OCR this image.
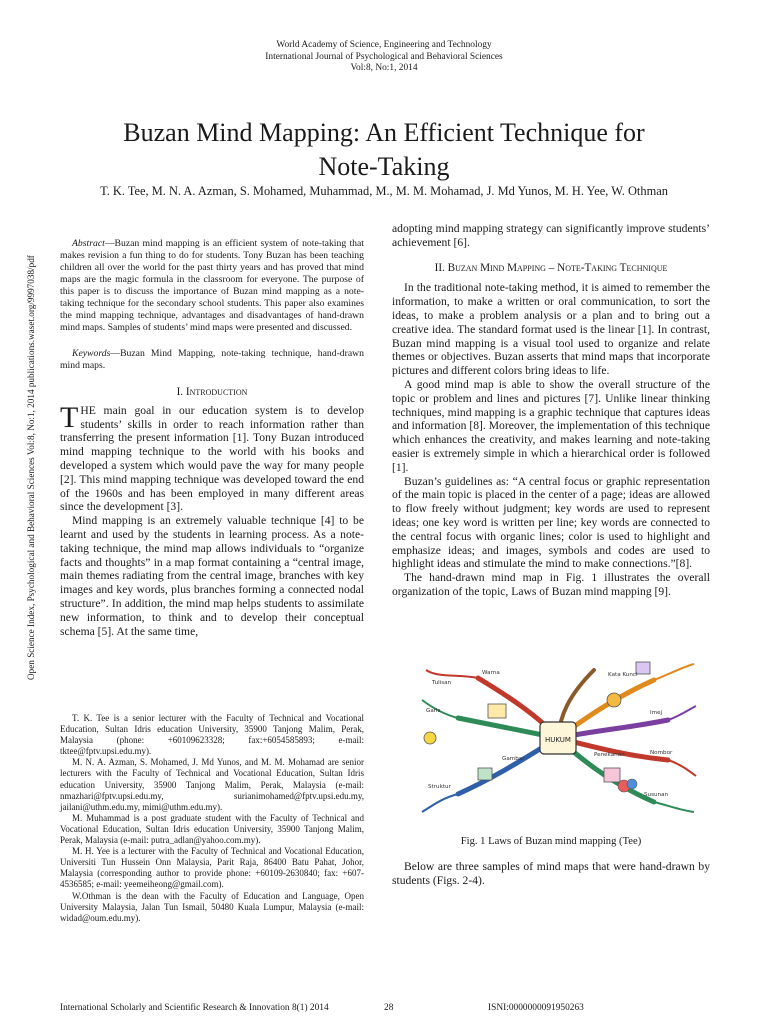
World Academy of Science, Engineering and Technology
International Journal of Psychological and Behavioral Sciences
Vol:8, No:1, 2014
Buzan Mind Mapping: An Efficient Technique for
Note-Taking
T. K. Tee, M. N. A. Azman, S. Mohamed, Muhammad, M., M. M. Mohamad, J. Md Yunos, M. H. Yee, W. Othman
Open Science Index, Psychological and Behavioral Sciences Vol:8, No:1, 2014 publications.waset.org/9997038/pdf
Abstract—Buzan mind mapping is an efficient system of note-taking that makes revision a fun thing to do for students. Tony Buzan has been teaching children all over the world for the past thirty years and has proved that mind maps are the magic formula in the classroom for everyone. The purpose of this paper is to discuss the importance of Buzan mind mapping as a note-taking technique for the secondary school students. This paper also examines the mind mapping technique, advantages and disadvantages of hand-drawn mind maps. Samples of students’ mind maps were presented and discussed.
Keywords—Buzan Mind Mapping, note-taking technique, hand-drawn mind maps.
I. Introduction

THE main goal in our education system is to develop students’ skills in order to reach information rather than transferring the present information [1]. Tony Buzan introduced mind mapping technique to the world with his books and developed a system which would pave the way for many people [2]. This mind mapping technique was developed toward the end of the 1960s and has been employed in many different areas since the development [3].

Mind mapping is an extremely valuable technique [4] to be learnt and used by the students in learning process. As a note-taking technique, the mind map allows individuals to “organize facts and thoughts” in a map format containing a “central image, main themes radiating from the central image, branches with key images and key words, plus branches forming a connected nodal structure”. In addition, the mind map helps students to assimilate new information, to think and to develop their conceptual schema [5]. At the same time,

T. K. Tee is a senior lecturer with the Faculty of Technical and Vocational Education, Sultan Idris education University, 35900 Tanjong Malim, Perak, Malaysia (phone: +60109623328; fax:+6054585893; e-mail: tktee@fptv.upsi.edu.my).

M. N. A. Azman, S. Mohamed, J. Md Yunos, and M. M. Mohamad are senior lecturers with the Faculty of Technical and Vocational Education, Sultan Idris education University, 35900 Tanjong Malim, Perak, Malaysia (e-mail: nmazhari@fptv.upsi.edu.my, surianimohamed@fptv.upsi.edu.my, jailani@uthm.edu.my, mimi@uthm.edu.my).

M. Muhammad is a post graduate student with the Faculty of Technical and Vocational Education, Sultan Idris education University, 35900 Tanjong Malim, Perak, Malaysia (e-mail: putra_adlan@yahoo.com.my).

M. H. Yee is a lecturer with the Faculty of Technical and Vocational Education, Universiti Tun Hussein Onn Malaysia, Parit Raja, 86400 Batu Pahat, Johor, Malaysia (corresponding author to provide phone: +60109-2630840; fax: +607-4536585; e-mail: yeemeiheong@gmail.com).

W.Othman is the dean with the Faculty of Education and Language, Open University Malaysia, Jalan Tun Ismail, 50480 Kuala Lumpur, Malaysia (e-mail: widad@oum.edu.my).

adopting mind mapping strategy can significantly improve students’ achievement [6].

II. Buzan Mind Mapping – Note-Taking Technique

In the traditional note-taking method, it is aimed to remember the information, to make a written or oral communication, to sort the ideas, to make a problem analysis or a plan and to bring out a creative idea. The standard format used is the linear [1]. In contrast, Buzan mind mapping is a visual tool used to organize and relate themes or objectives. Buzan asserts that mind maps that incorporate pictures and different colors bring ideas to life.

A good mind map is able to show the overall structure of the topic or problem and lines and pictures [7]. Unlike linear thinking techniques, mind mapping is a graphic technique that captures ideas and information [8]. Moreover, the implementation of this technique which enhances the creativity, and makes learning and note-taking easier is extremely simple in which a hierarchical order is followed [1].

Buzan’s guidelines as: “A central focus or graphic representation of the main topic is placed in the center of a page; ideas are allowed to flow freely without judgment; key words are used to represent ideas; one key word is written per line; key words are connected to the central focus with organic lines; color is used to highlight and emphasize ideas; and images, symbols and codes are used to highlight ideas and stimulate the mind to make connections.”[8].

The hand-drawn mind map in Fig. 1 illustrates the overall organization of the topic, Laws of Buzan mind mapping [9].

HUKUM
Tulisan
Warna
Garis
Kata Kunci
Imej
Nombor
Penekanan
Struktur
Susunan
Gambar
Fig. 1 Laws of Buzan mind mapping (Tee)

Below are three samples of mind maps that were hand-drawn by students (Figs. 2-4).

International Scholarly and Scientific Research & Innovation 8(1) 2014	28	ISNI:0000000091950263
